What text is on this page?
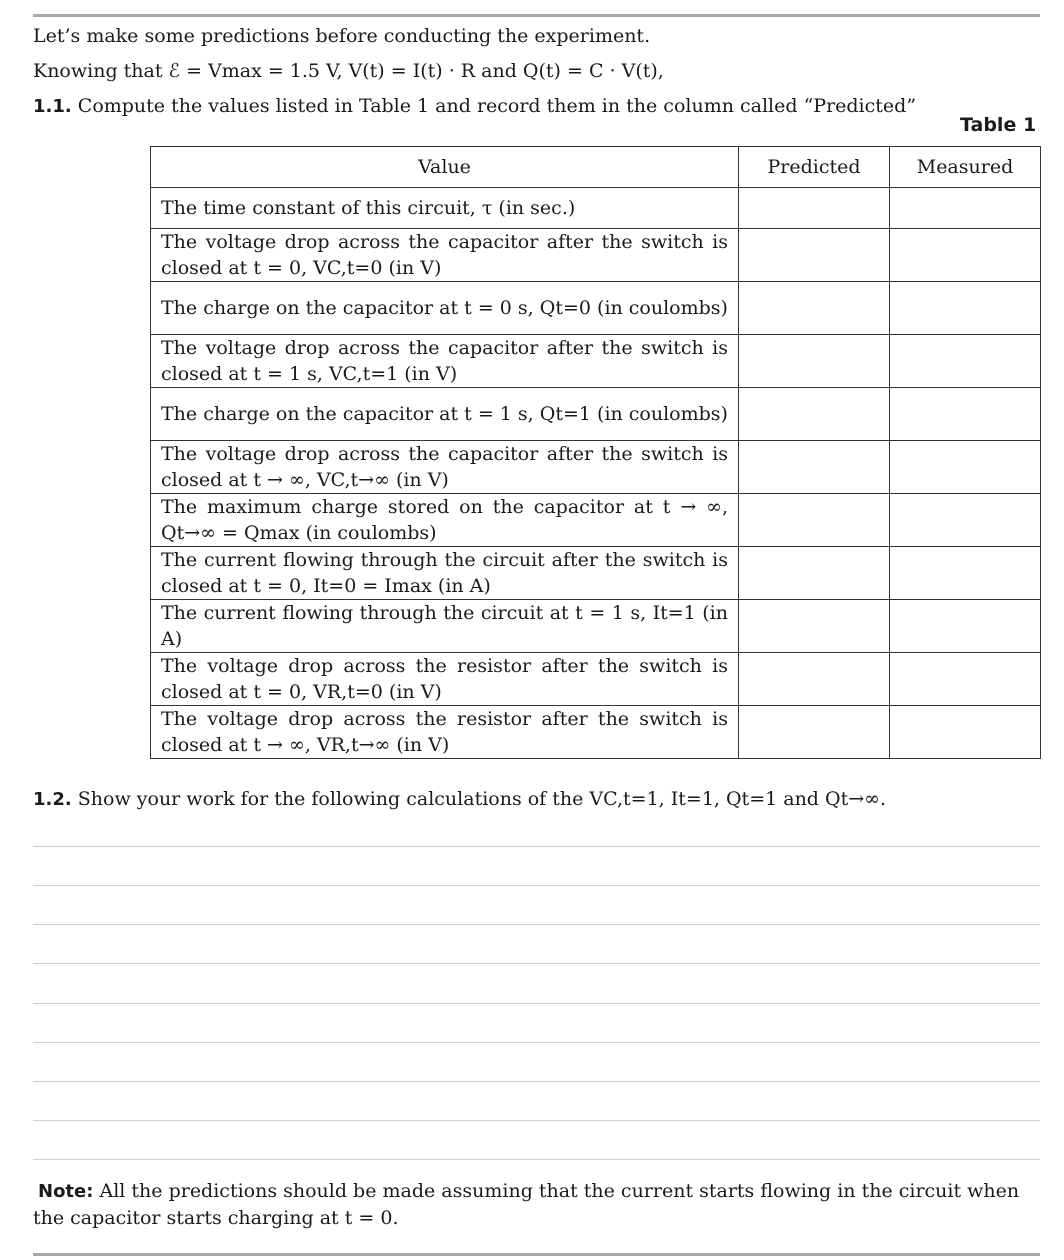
Let’s make some predictions before conducting the experiment.
Knowing that ℰ = Vmax = 1.5 V, V(t) = I(t) · R and Q(t) = C · V(t),
1.1. Compute the values listed in Table 1 and record them in the column called “Predicted”
Table 1
Value	Predicted	Measured
The time constant of this circuit, τ (in sec.)		
The voltage drop across the capacitor after the switch is closed at t = 0, VC,t=0 (in V)		
The charge on the capacitor at t = 0 s, Qt=0 (in coulombs)		
The voltage drop across the capacitor after the switch is closed at t = 1 s, VC,t=1 (in V)		
The charge on the capacitor at t = 1 s, Qt=1 (in coulombs)		
The voltage drop across the capacitor after the switch is closed at t → ∞, VC,t→∞ (in V)		
The maximum charge stored on the capacitor at t → ∞, Qt→∞ = Qmax (in coulombs)		
The current flowing through the circuit after the switch is closed at t = 0, It=0 = Imax (in A)		
The current flowing through the circuit at t = 1 s, It=1 (in A)		
The voltage drop across the resistor after the switch is closed at t = 0, VR,t=0 (in V)		
The voltage drop across the resistor after the switch is closed at t → ∞, VR,t→∞ (in V)		
1.2. Show your work for the following calculations of the VC,t=1, It=1, Qt=1 and Qt→∞.
Note: All the predictions should be made assuming that the current starts flowing in the circuit when the capacitor starts charging at t = 0.
